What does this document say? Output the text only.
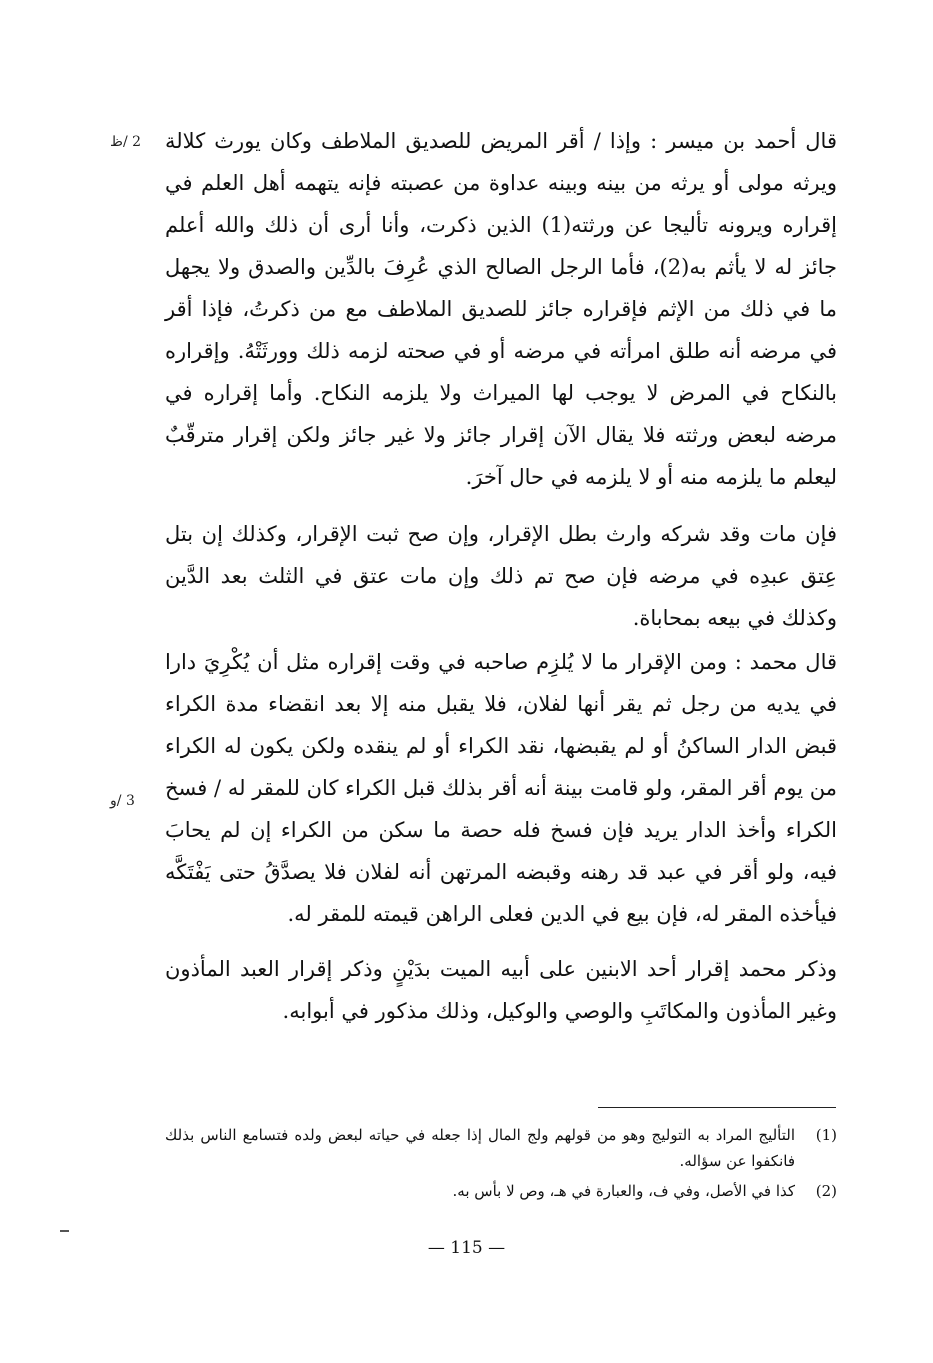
2 /ظ
3 /و

قال أحمد بن ميسر : وإذا / أقر المريض للصديق الملاطف وكان يورث كلالة ويرثه مولى أو يرثه من بينه وبينه عداوة من عصبته فإنه يتهمه أهل العلم في إقراره ويرونه تأليجا عن ورثته(1) الذين ذكرت، وأنا أرى أن ذلك والله أعلم جائز له لا يأثم به(2)، فأما الرجل الصالح الذي عُرِفَ بالدِّين والصدق ولا يجهل ما في ذلك من الإثم فإقراره جائز للصديق الملاطف مع من ذكرتُ، فإذا أقر في مرضه أنه طلق امرأته في مرضه أو في صحته لزمه ذلك وورثَتْهُ. وإقراره بالنكاح في المرض لا يوجب لها الميراث ولا يلزمه النكاح. وأما إقراره في مرضه لبعض ورثته فلا يقال الآن إقرار جائز ولا غير جائز ولكن إقرار مترقّبٌ ليعلم ما يلزمه منه أو لا يلزمه في حال آخرَ.

فإن مات وقد شركه وارث بطل الإقرار، وإن صح ثبت الإقرار، وكذلك إن بتل عِتق عبدِه في مرضه فإن صح تم ذلك وإن مات عتق في الثلث بعد الدَّين وكذلك في بيعه بمحاباة.

قال محمد : ومن الإقرار ما لا يُلزِم صاحبه في وقت إقراره مثل أن يُكْرِيَ دارا في يديه من رجل ثم يقر أنها لفلان، فلا يقبل منه إلا بعد انقضاء مدة الكراء قبض الدار الساكنُ أو لم يقبضها، نقد الكراء أو لم ينقده ولكن يكون له الكراء من يوم أقر المقر، ولو قامت بينة أنه أقر بذلك قبل الكراء كان للمقر له / فسخ الكراء وأخذ الدار يريد فإن فسخ فله حصة ما سكن من الكراء إن لم يحابَ فيه، ولو أقر في عبد قد رهنه وقبضه المرتهن أنه لفلان فلا يصدَّقُ حتى يَفْتَكَّه فيأخذه المقر له، فإن بيع في الدين فعلى الراهن قيمته للمقر له.

وذكر محمد إقرار أحد الابنين على أبيه الميت بدَيْنٍ وذكر إقرار العبد المأذون وغير المأذون والمكاتَبِ والوصي والوكيل، وذلك مذكور في أبوابه.

(1)
التأليج المراد به التوليج وهو من قولهم ولج المال إذا جعله في حياته لبعض ولده فتسامع الناس بذلك فانكفوا عن سؤاله.
(2)
كذا في الأصل، وفي ف، والعبارة في هـ، وص لا بأس به.
— 115 —
